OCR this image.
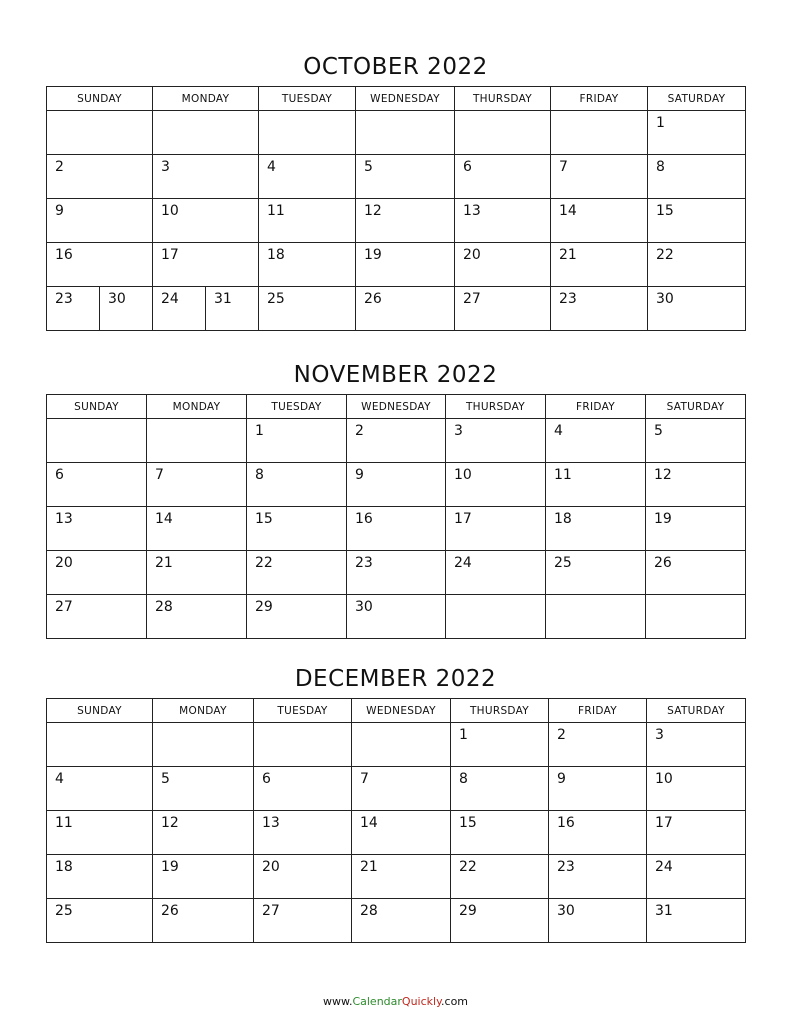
OCTOBER 2022
SUNDAY	MONDAY	TUESDAY	WEDNESDAY	THURSDAY	FRIDAY	SATURDAY
						1
2	3	4	5	6	7	8
9	10	11	12	13	14	15
16	17	18	19	20	21	22

23 30	24 31	25	26	27	23	30
NOVEMBER 2022
SUNDAY	MONDAY	TUESDAY	WEDNESDAY	THURSDAY	FRIDAY	SATURDAY
		1	2	3	4	5
6	7	8	9	10	11	12
13	14	15	16	17	18	19
20	21	22	23	24	25	26
27	28	29	30			
DECEMBER 2022
SUNDAY	MONDAY	TUESDAY	WEDNESDAY	THURSDAY	FRIDAY	SATURDAY
				1	2	3
4	5	6	7	8	9	10
11	12	13	14	15	16	17
18	19	20	21	22	23	24
25	26	27	28	29	30	31
www.CalendarQuickly.com
